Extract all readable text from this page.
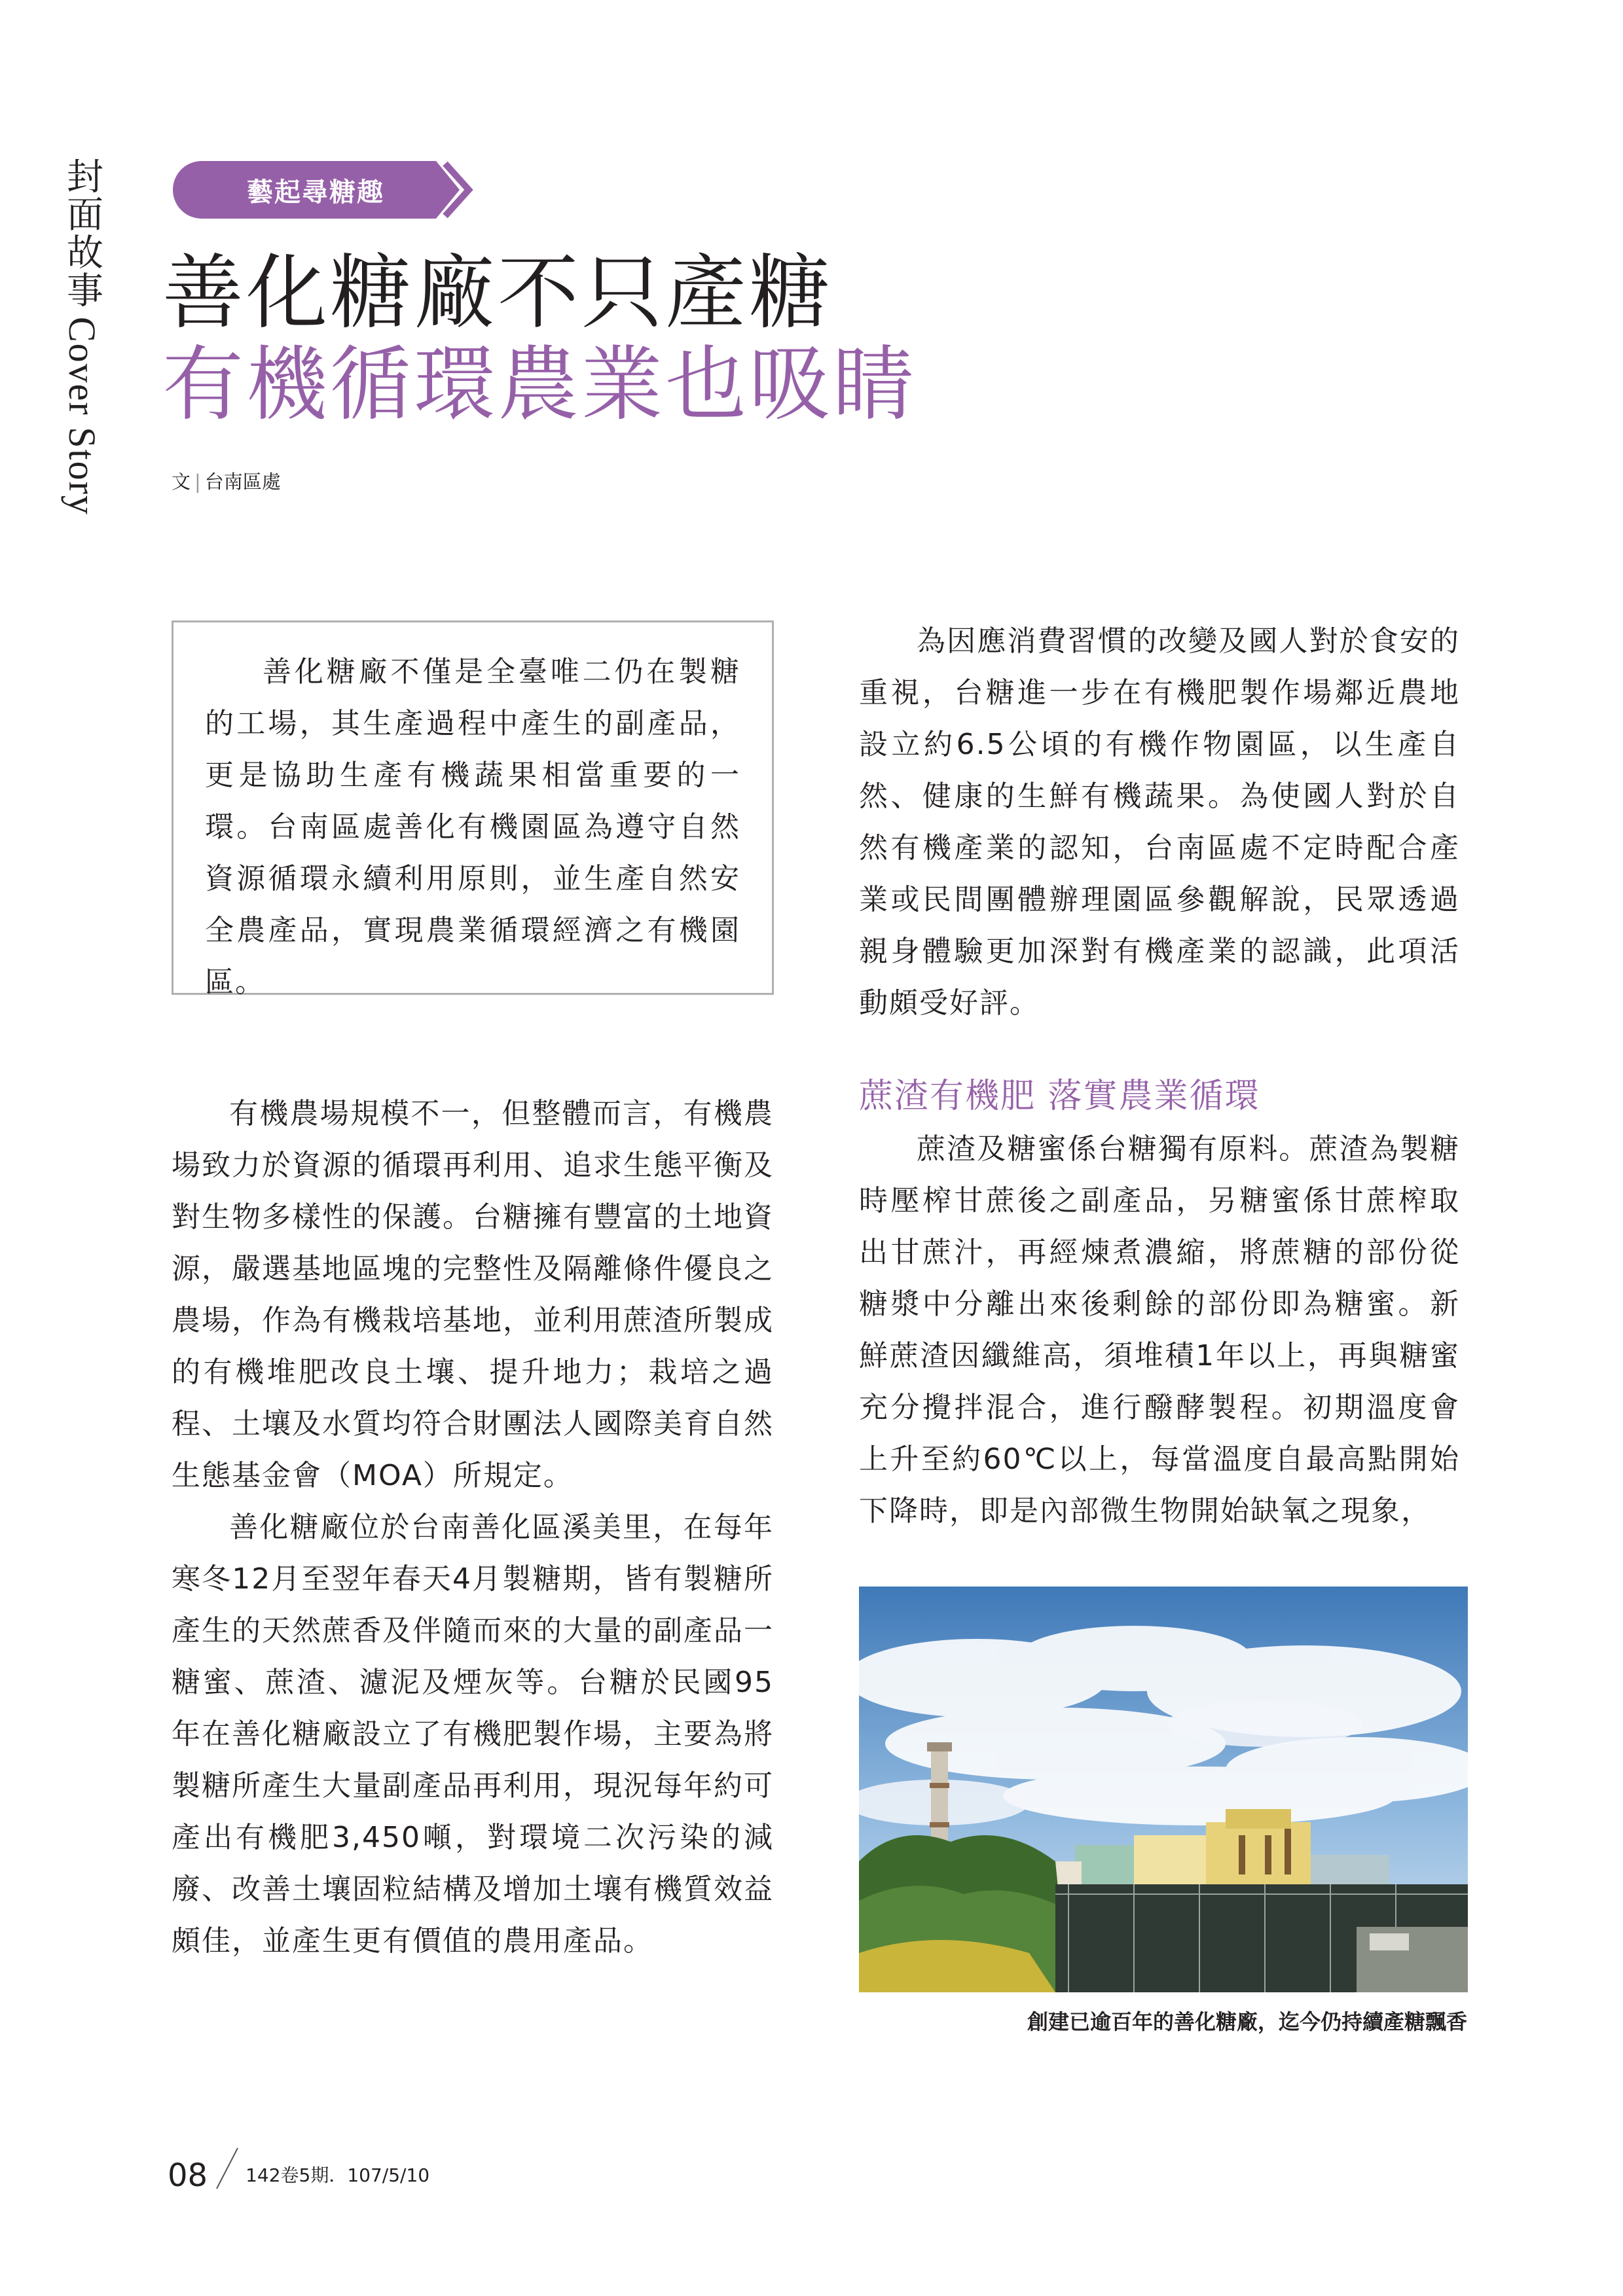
封面故事Cover Story
藝起尋糖趣
善化糖廠不只產糖
有機循環農業也吸睛
文 | 台南區處

善化糖廠不僅是全臺唯二仍在製糖的工場，其生產過程中產生的副產品，更是協助生產有機蔬果相當重要的一環。台南區處善化有機園區為遵守自然資源循環永續利用原則，並生產自然安全農產品，實現農業循環經濟之有機園區。

有機農場規模不一，但整體而言，有機農場致力於資源的循環再利用、追求生態平衡及對生物多樣性的保護。台糖擁有豐富的土地資源，嚴選基地區塊的完整性及隔離條件優良之農場，作為有機栽培基地，並利用蔗渣所製成的有機堆肥改良土壤、提升地力；栽培之過程、土壤及水質均符合財團法人國際美育自然生態基金會（MOA）所規定。

善化糖廠位於台南善化區溪美里，在每年寒冬12月至翌年春天4月製糖期，皆有製糖所產生的天然蔗香及伴隨而來的大量的副產品一糖蜜、蔗渣、濾泥及煙灰等。台糖於民國95年在善化糖廠設立了有機肥製作場，主要為將製糖所產生大量副產品再利用，現況每年約可產出有機肥3,450噸，對環境二次污染的減廢、改善土壤固粒結構及增加土壤有機質效益頗佳，並產生更有價值的農用產品。

為因應消費習慣的改變及國人對於食安的重視，台糖進一步在有機肥製作場鄰近農地設立約6.5公頃的有機作物園區，以生產自然、健康的生鮮有機蔬果。為使國人對於自然有機產業的認知，台南區處不定時配合產業或民間團體辦理園區參觀解說，民眾透過親身體驗更加深對有機產業的認識，此項活動頗受好評。

蔗渣有機肥 落實農業循環

蔗渣及糖蜜係台糖獨有原料。蔗渣為製糖時壓榨甘蔗後之副產品，另糖蜜係甘蔗榨取出甘蔗汁，再經煉煮濃縮，將蔗糖的部份從糖漿中分離出來後剩餘的部份即為糖蜜。新鮮蔗渣因纖維高，須堆積1年以上，再與糖蜜充分攪拌混合，進行醱酵製程。初期溫度會上升至約60℃以上，每當溫度自最高點開始下降時，即是內部微生物開始缺氧之現象，

創建已逾百年的善化糖廠，迄今仍持續產糖飄香
08 142卷5期．107/5/10
